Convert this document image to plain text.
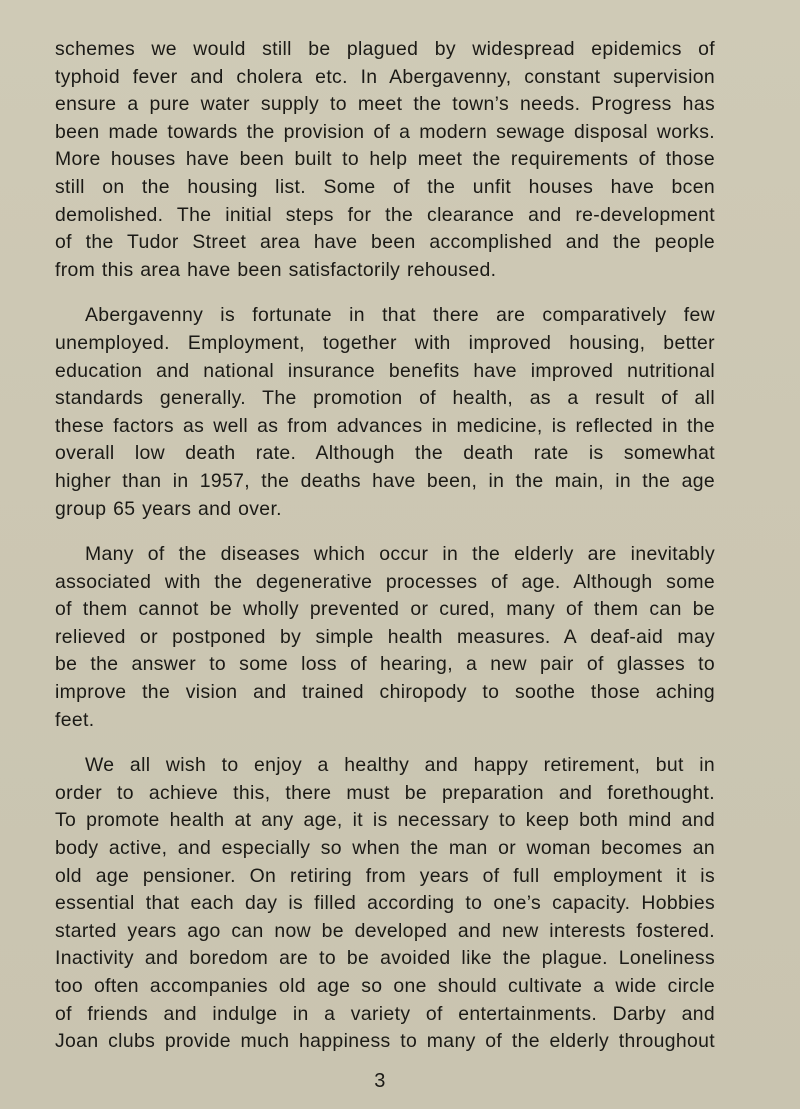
schemes we would still be plagued by widespread epidemics of
typhoid fever and cholera etc. In Abergavenny, constant supervision
ensure a pure water supply to meet the town’s needs. Progress has
been made towards the provision of a modern sewage disposal works.
More houses have been built to help meet the requirements of those
still on the housing list. Some of the unfit houses have bcen
demolished. The initial steps for the clearance and re-development
of the Tudor Street area have been accomplished and the people
from this area have been satisfactorily rehoused.

Abergavenny is fortunate in that there are comparatively few
unemployed. Employment, together with improved housing, better
education and national insurance benefits have improved nutritional
standards generally. The promotion of health, as a result of all
these factors as well as from advances in medicine, is reflected in the
overall low death rate. Although the death rate is somewhat
higher than in 1957, the deaths have been, in the main, in the age
group 65 years and over.

Many of the diseases which occur in the elderly are inevitably
associated with the degenerative processes of age. Although some
of them cannot be wholly prevented or cured, many of them can be
relieved or postponed by simple health measures. A deaf-aid may
be the answer to some loss of hearing, a new pair of glasses to
improve the vision and trained chiropody to soothe those aching
feet.

We all wish to enjoy a healthy and happy retirement, but in
order to achieve this, there must be preparation and forethought.
To promote health at any age, it is necessary to keep both mind and
body active, and especially so when the man or woman becomes an
old age pensioner. On retiring from years of full employment it is
essential that each day is filled according to one’s capacity. Hobbies
started years ago can now be developed and new interests fostered.
Inactivity and boredom are to be avoided like the plague. Loneliness
too often accompanies old age so one should cultivate a wide circle
of friends and indulge in a variety of entertainments. Darby and
Joan clubs provide much happiness to many of the elderly throughout

3
